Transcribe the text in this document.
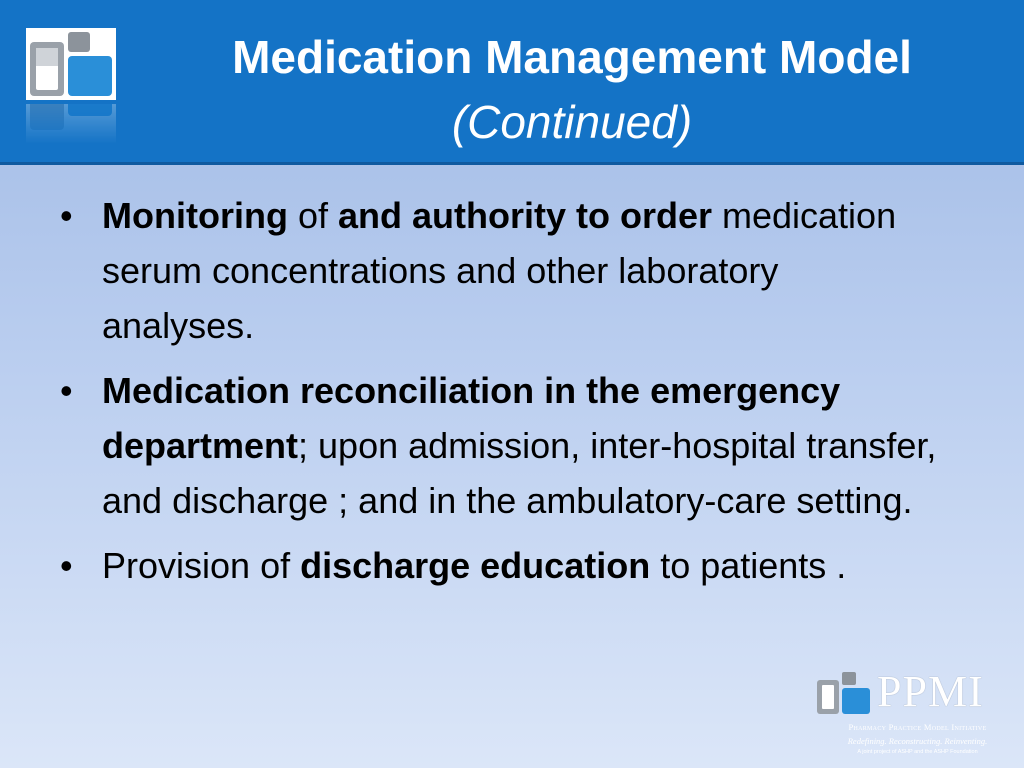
Medication Management Model
(Continued)
• Monitoring of and authority to order medication serum concentrations and other laboratory analyses.
• Medication reconciliation in the emergency department; upon admission, inter-hospital transfer, and discharge ; and in the ambulatory-care setting.
• Provision of discharge education to patients .
PPMI
Pharmacy Practice Model Initiative
Redefining. Reconstructing. Reinventing.
A joint project of ASHP and the ASHP Foundation
